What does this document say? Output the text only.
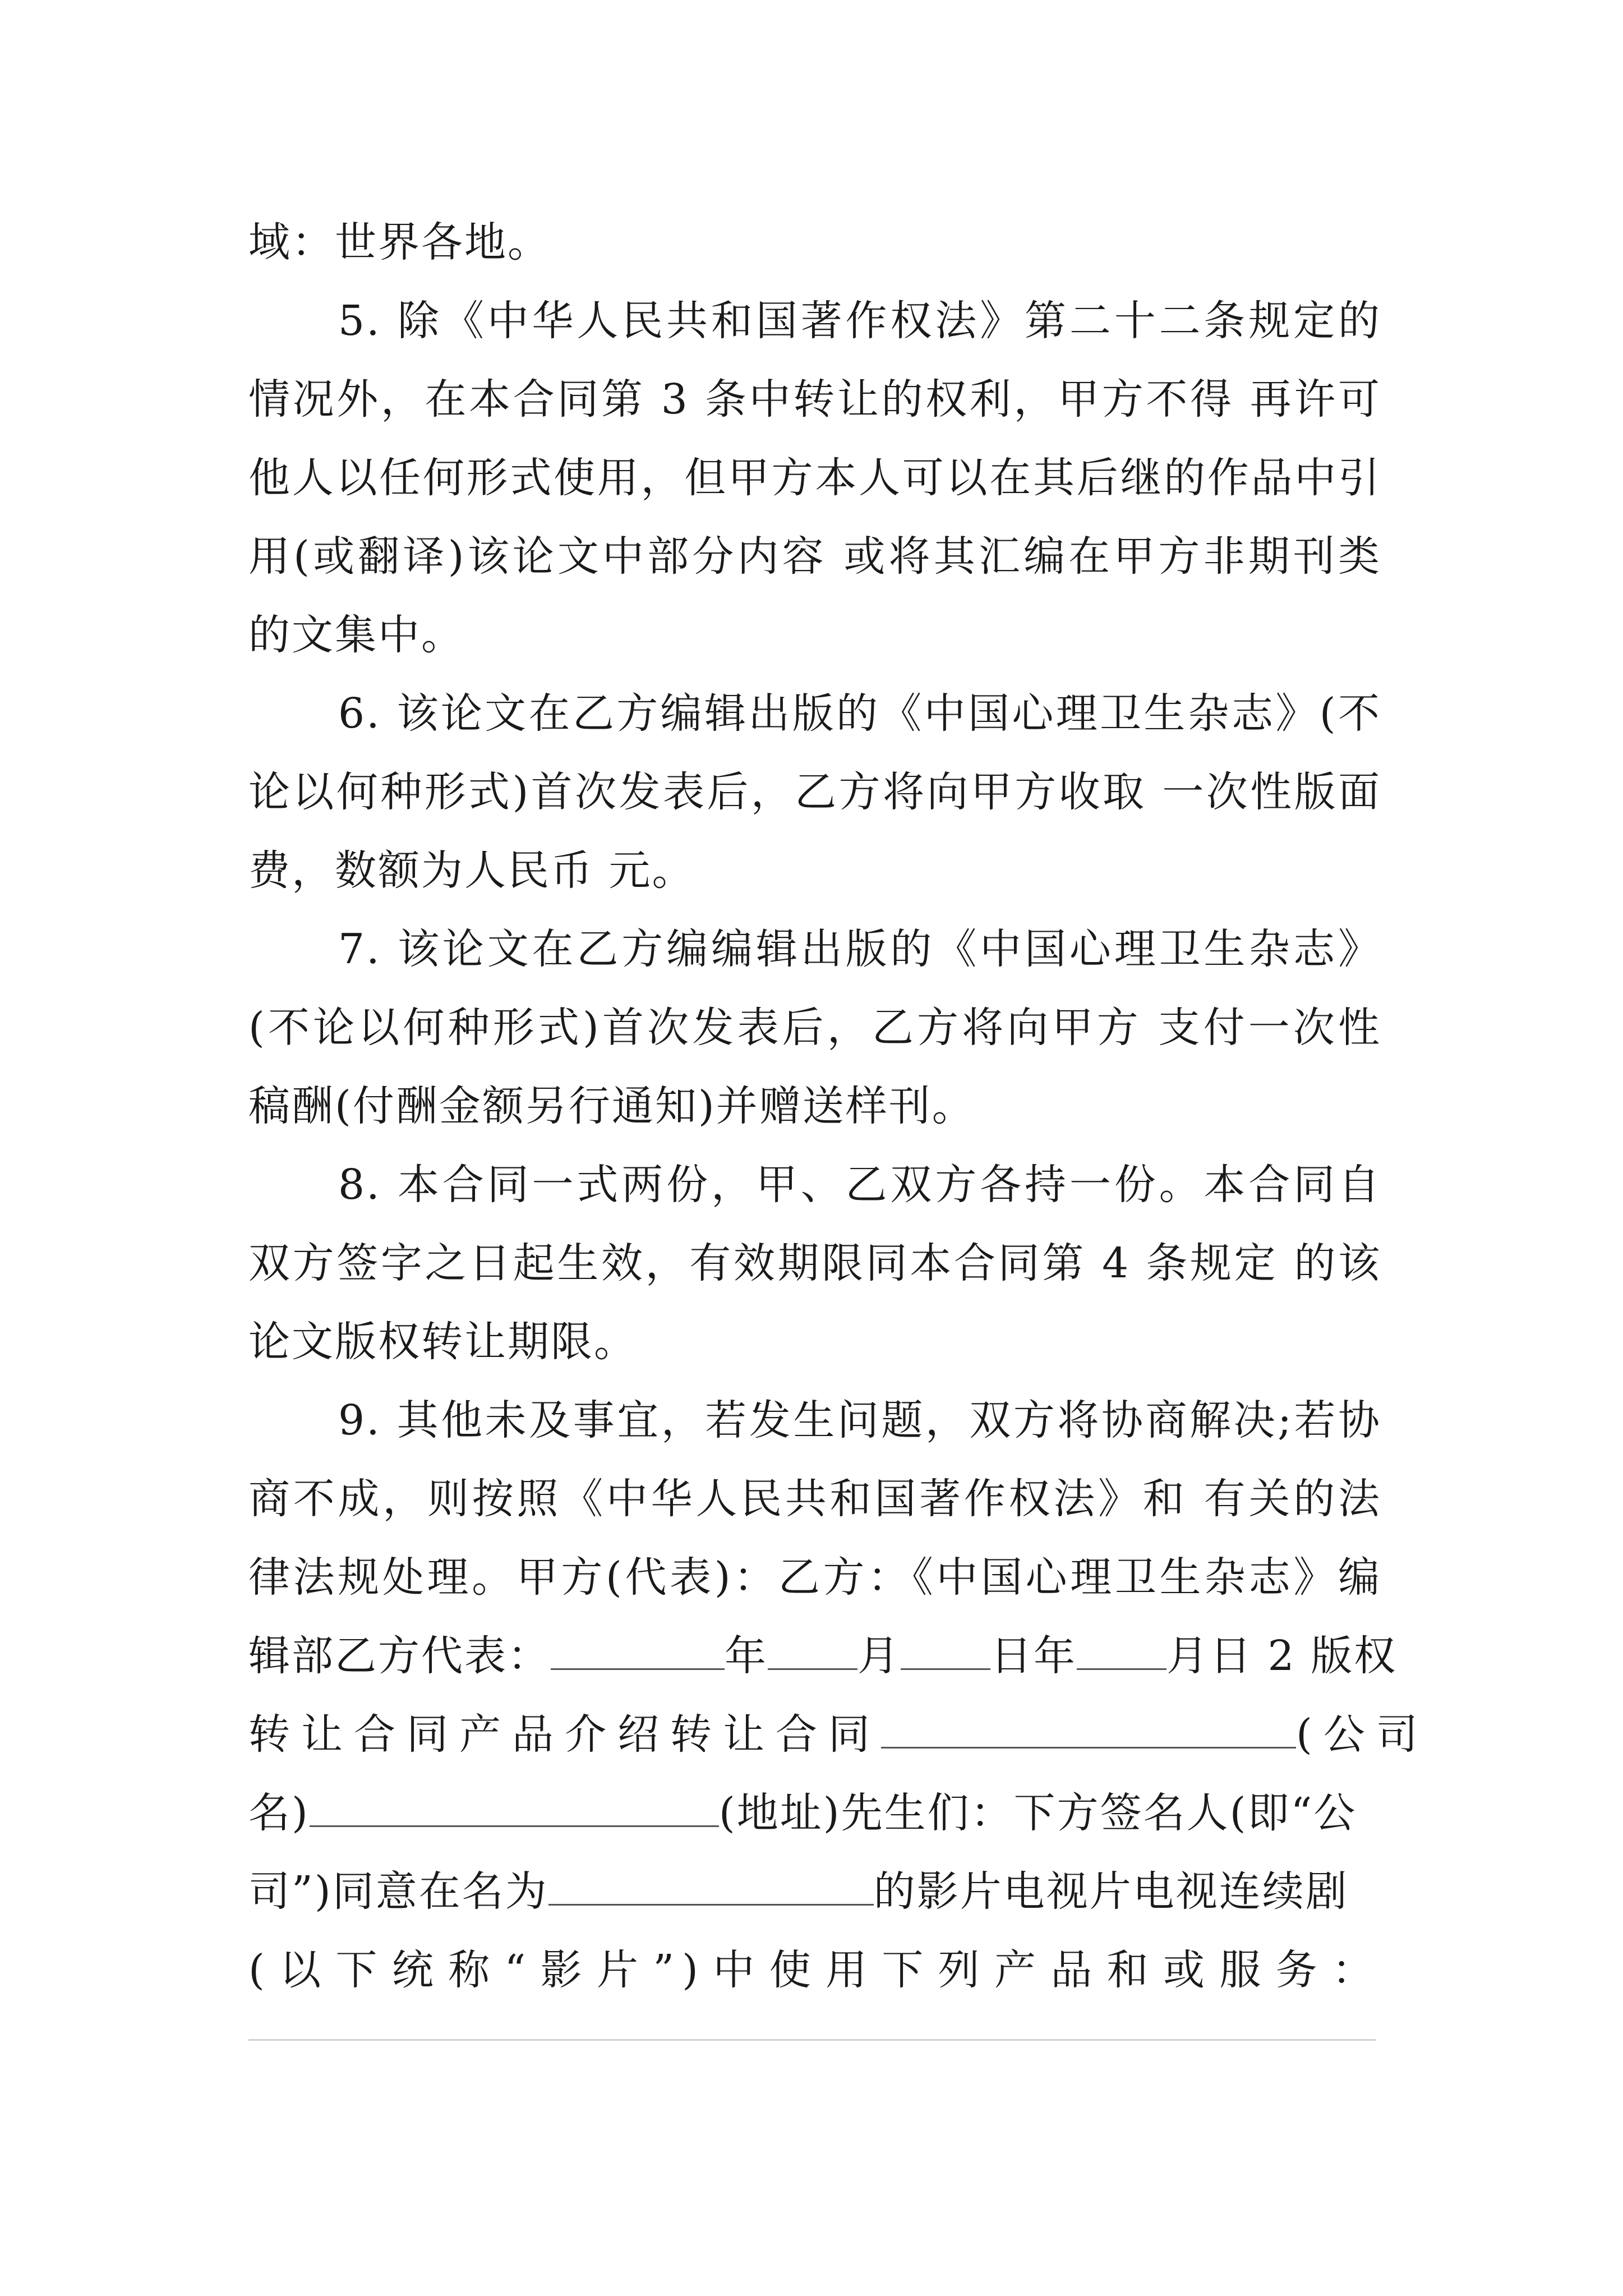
域：世界各地。
5. 除《中华人民共和国著作权法》第二十二条规定的
情况外，在本合同第 3 条中转让的权利，甲方不得 再许可
他人以任何形式使用，但甲方本人可以在其后继的作品中引
用(或翻译)该论文中部分内容 或将其汇编在甲方非期刊类
的文集中。
6. 该论文在乙方编辑出版的《中国心理卫生杂志》(不
论以何种形式)首次发表后，乙方将向甲方收取 一次性版面
费，数额为人民币 元。
7. 该论文在乙方编编辑出版的《中国心理卫生杂志》
(不论以何种形式)首次发表后，乙方将向甲方 支付一次性
稿酬(付酬金额另行通知)并赠送样刊。
8. 本合同一式两份，甲、乙双方各持一份。本合同自
双方签字之日起生效，有效期限同本合同第 4 条规定 的该
论文版权转让期限。
9. 其他未及事宜，若发生问题，双方将协商解决;若协
商不成，则按照《中华人民共和国著作权法》和 有关的法
律法规处理。甲方(代表)：乙方：《中国心理卫生杂志》编
辑部乙方代表：	年 月 日年 月日 2 版权
转让合同产品介绍转让合同	(公司
名)	(地址)先生们：下方签名人(即“公
司”)同意在名为	的影片电视片电视连续剧
(以下统称“影片”)中使用下列产品和或服务：
